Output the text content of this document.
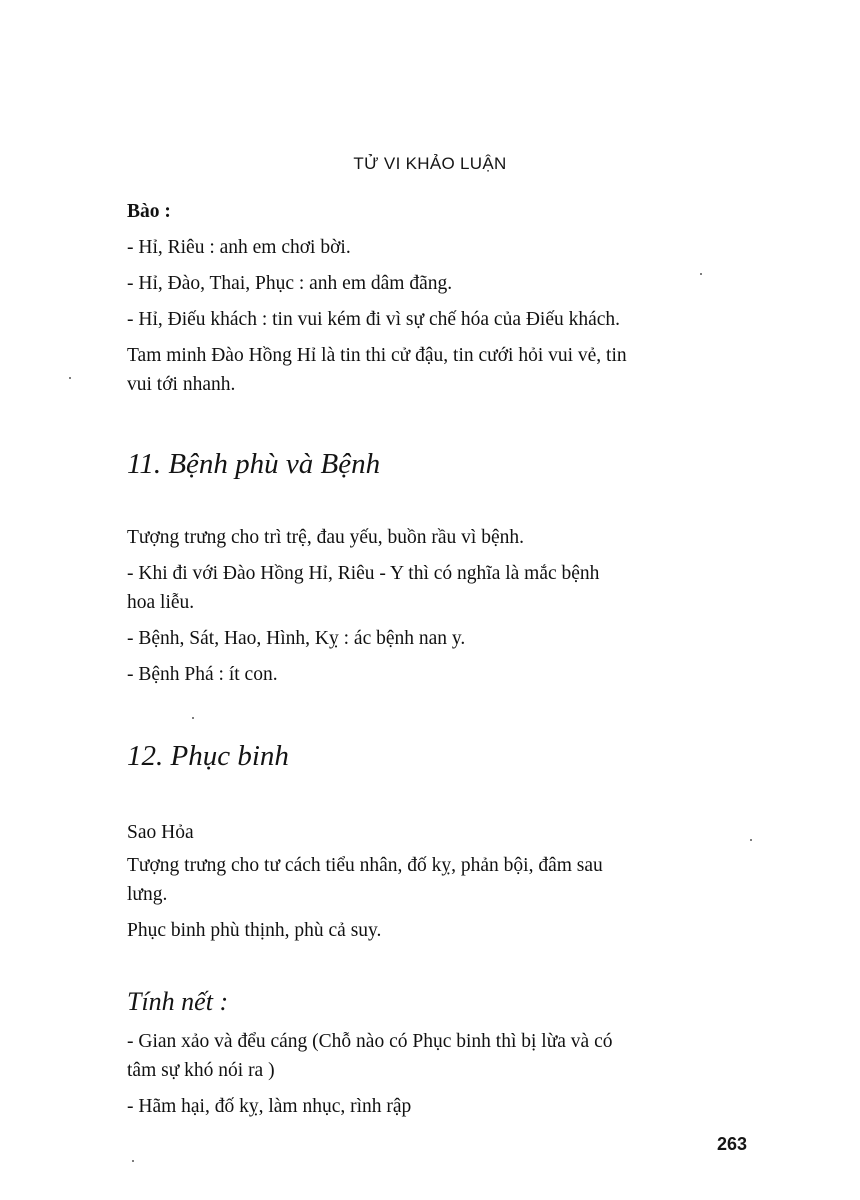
TỬ VI KHẢO LUẬN

Bào :

- Hỉ, Riêu : anh em chơi bời.

- Hỉ, Đào, Thai, Phục : anh em dâm đãng.

- Hỉ, Điếu khách : tin vui kém đi vì sự chế hóa của Điếu khách.

Tam minh Đào Hồng Hỉ là tin thi cử đậu, tin cưới hỏi vui vẻ, tin

vui tới nhanh.

11. Bệnh phù và Bệnh

Tượng trưng cho trì trệ, đau yếu, buồn rầu vì bệnh.

- Khi đi với Đào Hồng Hỉ, Riêu - Y thì có nghĩa là mắc bệnh

hoa liễu.

- Bệnh, Sát, Hao, Hình, Kỵ : ác bệnh nan y.

- Bệnh Phá : ít con.

12. Phục binh

Sao Hỏa

Tượng trưng cho tư cách tiểu nhân, đố kỵ, phản bội, đâm sau

lưng.

Phục binh phù thịnh, phù cả suy.

Tính nết :

- Gian xảo và đểu cáng (Chỗ nào có Phục binh thì bị lừa và có

tâm sự khó nói ra )

- Hãm hại, đố kỵ, làm nhục, rình rập

263
